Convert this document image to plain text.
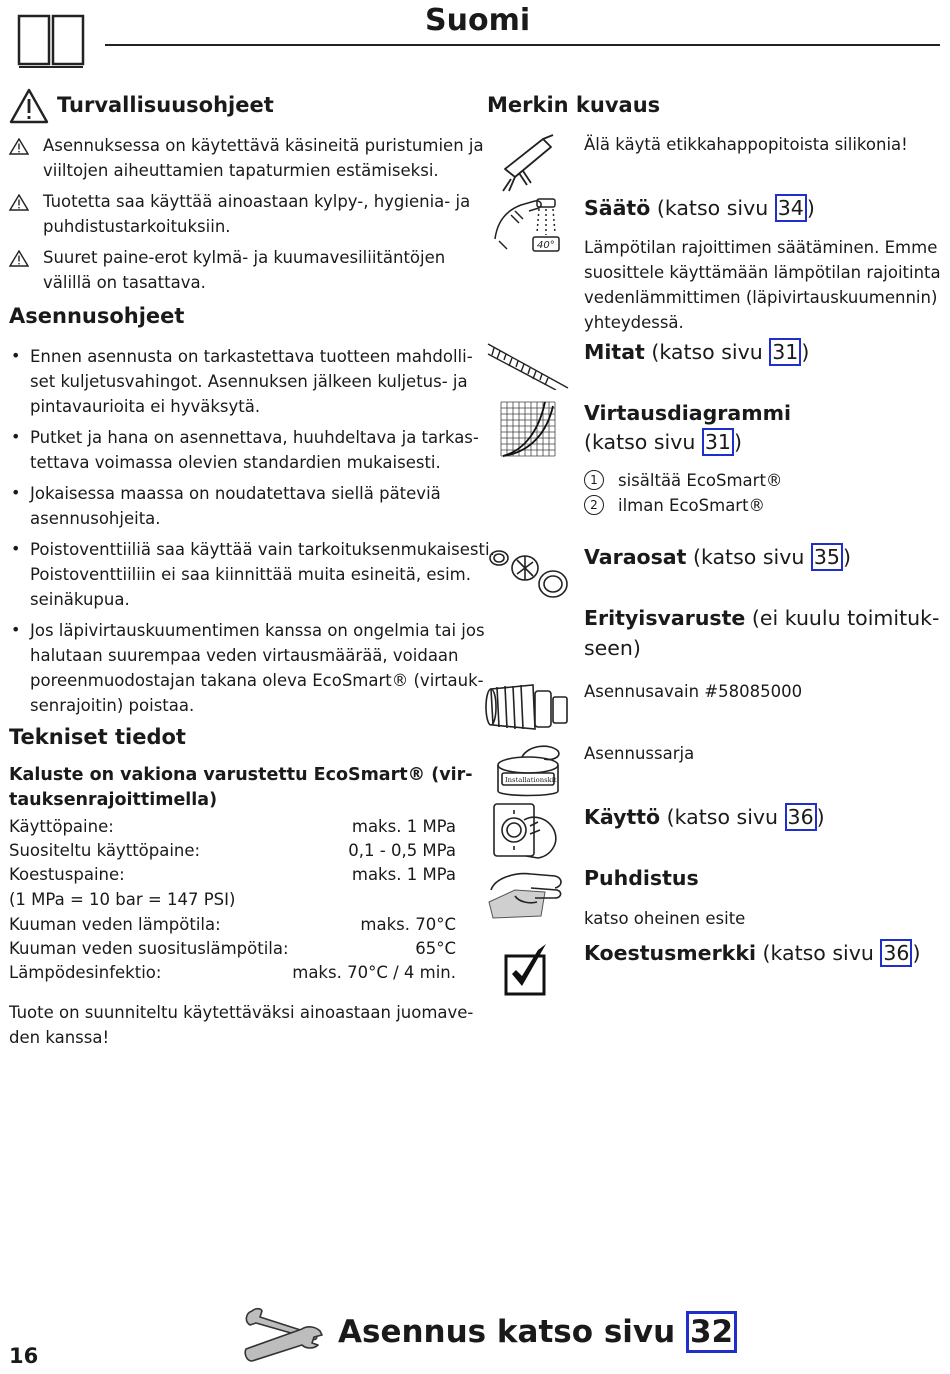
Suomi
Turvallisuusohjeet
Asennuksessa on käytettävä käsineitä puristumien ja
viiltojen aiheuttamien tapaturmien estämiseksi.
Tuotetta saa käyttää ainoastaan kylpy-, hygienia- ja
puhdistustarkoituksiin.
Suuret paine-erot kylmä- ja kuumavesiliitäntöjen
välillä on tasattava.
Asennusohjeet
• Ennen asennusta on tarkastettava tuotteen mahdolli-
set kuljetusvahingot. Asennuksen jälkeen kuljetus- ja
pintavaurioita ei hyväksytä.
• Putket ja hana on asennettava, huuhdeltava ja tarkas-
tettava voimassa olevien standardien mukaisesti.
• Jokaisessa maassa on noudatettava siellä päteviä
asennusohjeita.
• Poistoventtiiliä saa käyttää vain tarkoituksenmukaisesti.
Poistoventtiiliin ei saa kiinnittää muita esineitä, esim.
seinäkupua.
• Jos läpivirtauskuumentimen kanssa on ongelmia tai jos
halutaan suurempaa veden virtausmäärää, voidaan
poreenmuodostajan takana oleva EcoSmart® (virtauk-
senrajoitin) poistaa.
Tekniset tiedot
Kaluste on vakiona varustettu EcoSmart® (vir-
tauksenrajoittimella)
Käyttöpaine:	maks. 1 MPa
Suositeltu käyttöpaine:	0,1 - 0,5 MPa
Koestuspaine:	maks. 1 MPa
(1 MPa = 10 bar = 147 PSI)
Kuuman veden lämpötila:	maks. 70°C
Kuuman veden suosituslämpötila:	65°C
Lämpödesinfektio:	maks. 70°C / 4 min.
Tuote on suunniteltu käytettäväksi ainoastaan juomave-
den kanssa!
Merkin kuvaus
Älä käytä etikkahappopitoista silikonia!
40°
Säätö (katso sivu 34 )
Lämpötilan rajoittimen säätäminen. Emme
suosittele käyttämään lämpötilan rajoitinta
vedenlämmittimen (läpivirtauskuumennin)
yhteydessä.
Mitat (katso sivu 31 )
Virtausdiagrammi
(katso sivu 31 )
1	sisältää EcoSmart®
2	ilman EcoSmart®
Varaosat (katso sivu 35 )
Erityisvaruste (ei kuulu toimituk-
seen)
Asennusavain #58085000
Installationskit
Asennussarja
Käyttö (katso sivu 36 )
Puhdistus
katso oheinen esite
Koestusmerkki (katso sivu 36 )
16
Asennus katso sivu 32
